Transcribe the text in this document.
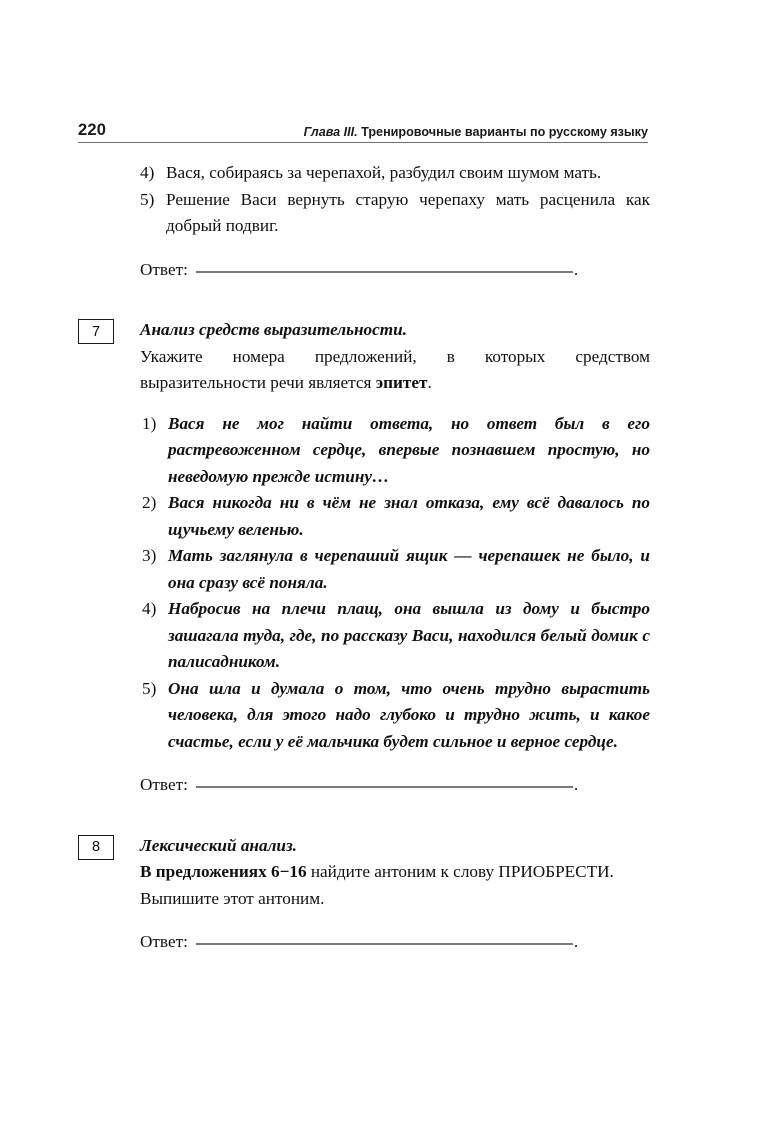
220	Глава III. Тренировочные варианты по русскому языку
4) Вася, собираясь за черепахой, разбудил своим шумом мать.
5) Решение Васи вернуть старую черепаху мать расценила как добрый подвиг.
Ответ:	.
7	Анализ средств выразительности.
Укажите номера предложений, в которых средством выразительности речи является эпитет.
1) Вася не мог найти ответа, но ответ был в его растревоженном сердце, впервые познавшем простую, но неведомую прежде истину…
2) Вася никогда ни в чём не знал отказа, ему всё давалось по щучьему веленью.
3) Мать заглянула в черепаший ящик — черепашек не было, и она сразу всё поняла.
4) Набросив на плечи плащ, она вышла из дому и быстро зашагала туда, где, по рассказу Васи, находился белый домик с палисадником.
5) Она шла и думала о том, что очень трудно вырастить человека, для этого надо глубоко и трудно жить, и какое счастье, если у её мальчика будет сильное и верное сердце.
Ответ:	.
8	Лексический анализ.
В предложениях 6−16 найдите антоним к слову ПРИОБРЕСТИ.
Выпишите этот антоним.
Ответ:	.
